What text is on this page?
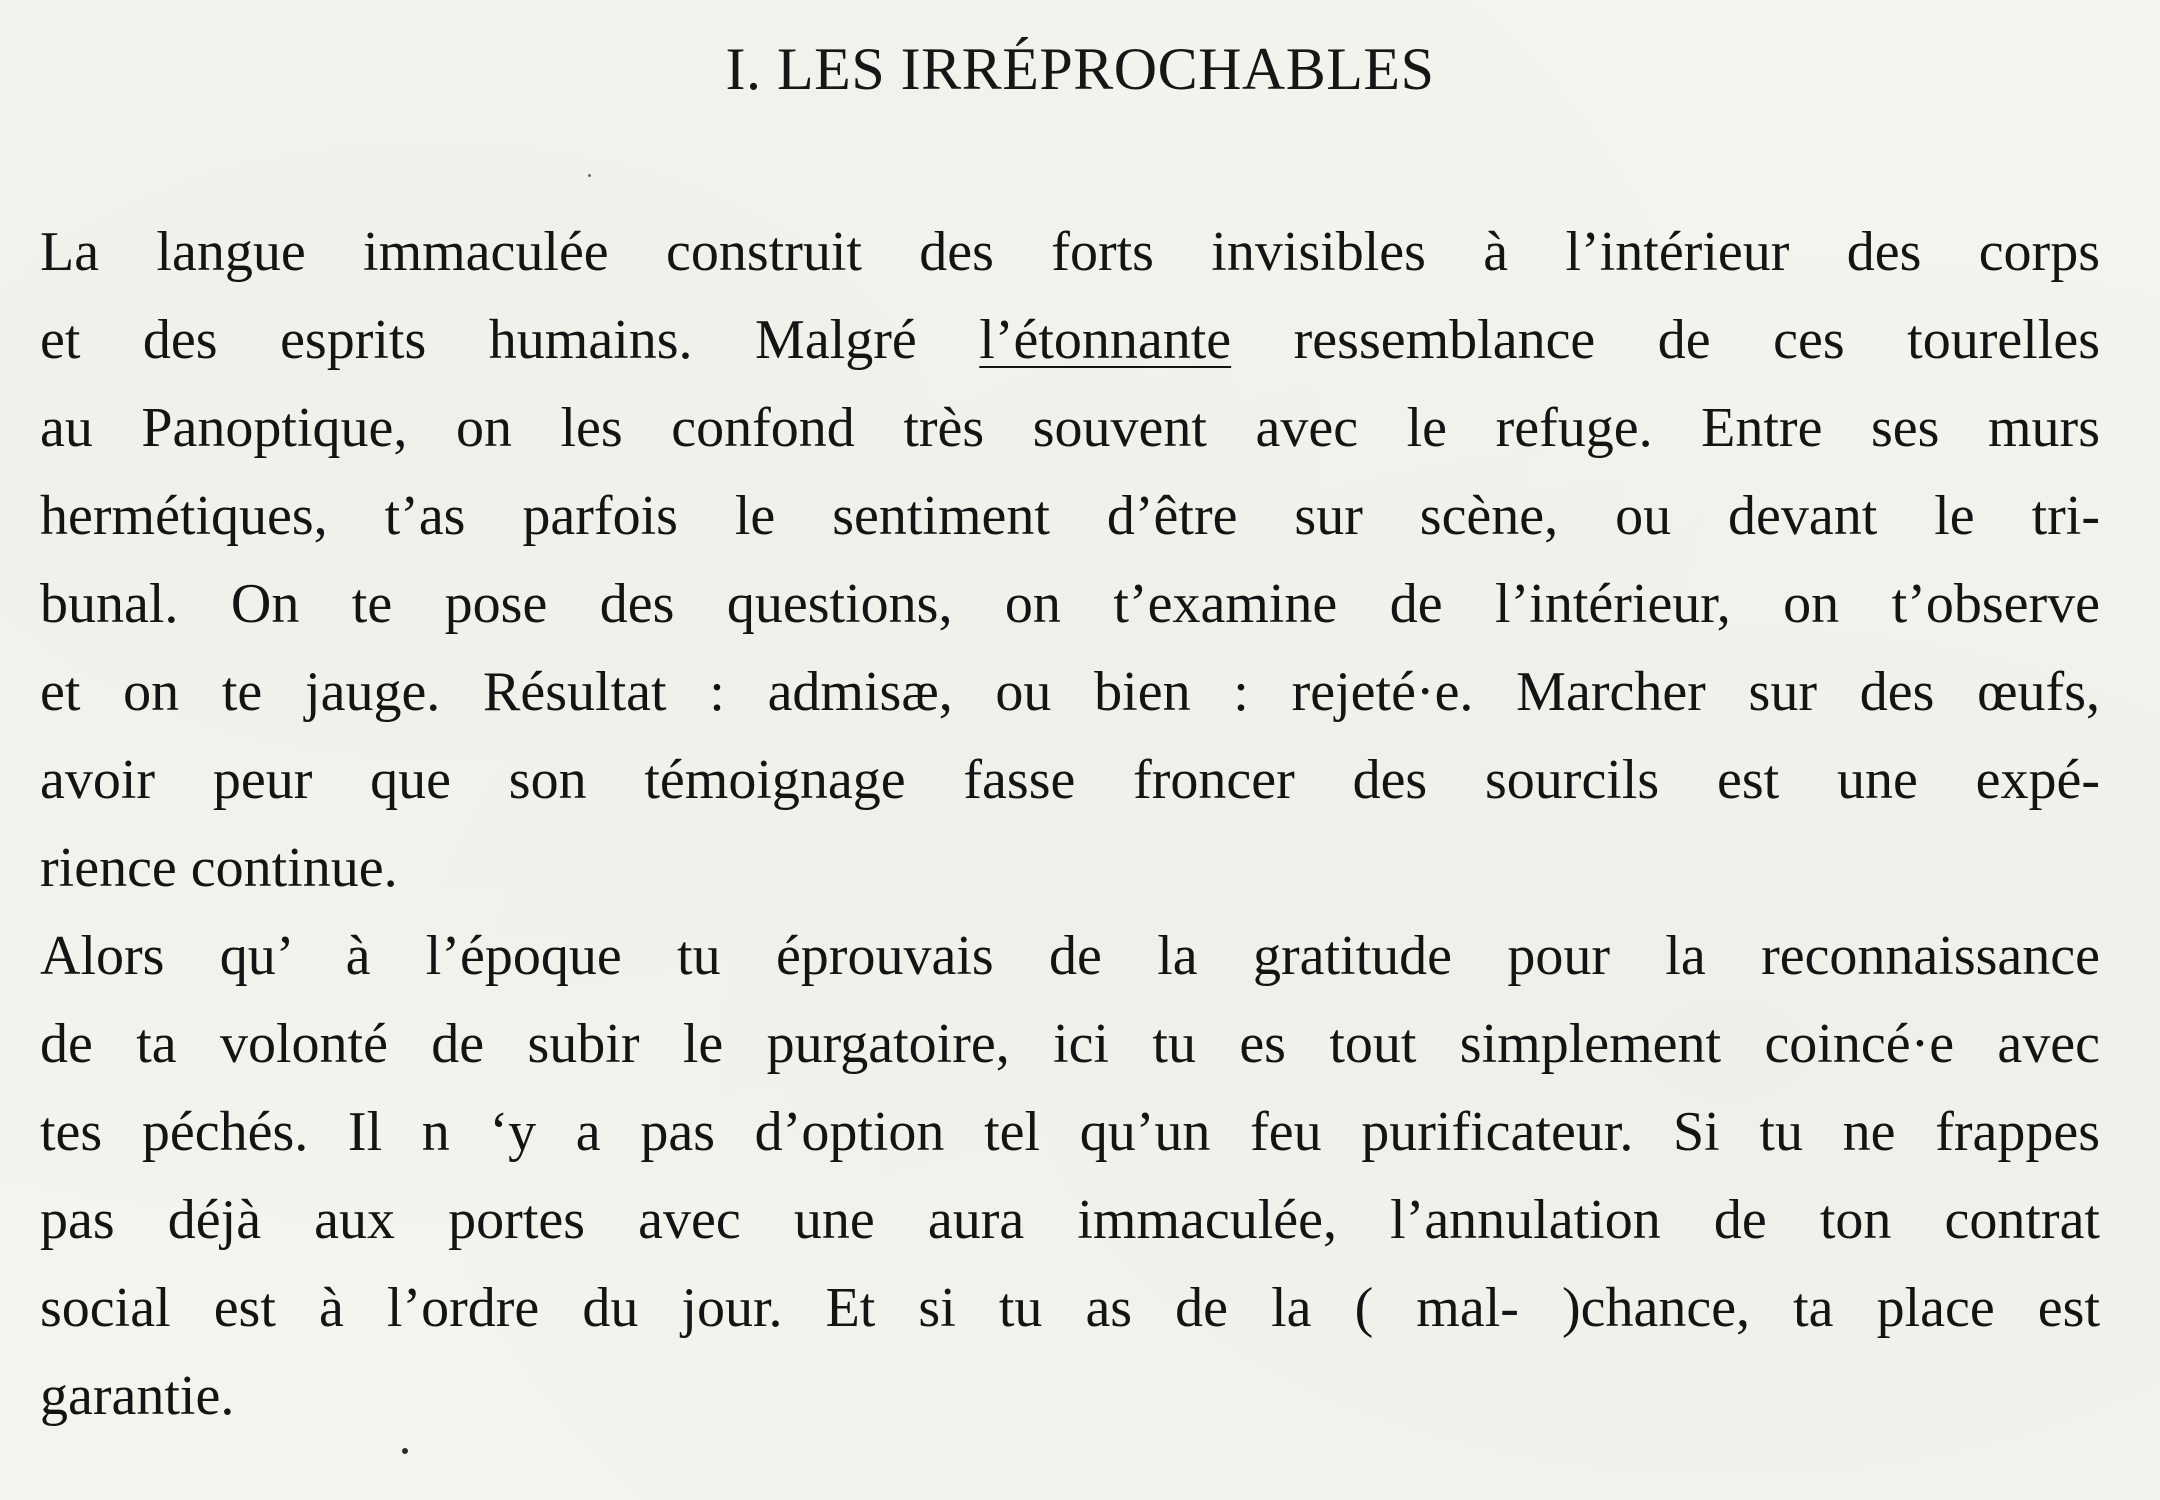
I. LES IRRÉPROCHABLES
La langue immaculée construit des forts invisibles à l’intérieur des corps
et des esprits humains. Malgré l’étonnante ressemblance de ces tourelles
au Panoptique, on les confond très souvent avec le refuge. Entre ses murs
hermétiques, t’as parfois le sentiment d’être sur scène, ou devant le tri-
bunal. On te pose des questions, on t’examine de l’intérieur, on t’observe
et on te jauge. Résultat : admisæ, ou bien : rejeté·e. Marcher sur des œufs,
avoir peur que son témoignage fasse froncer des sourcils est une expé-
rience continue.
Alors qu’ à l’époque tu éprouvais de la gratitude pour la reconnaissance
de ta volonté de subir le purgatoire, ici tu es tout simplement coincé·e avec
tes péchés. Il n ‘y a pas d’option tel qu’un feu purificateur. Si tu ne frappes
pas déjà aux portes avec une aura immaculée, l’annulation de ton contrat
social est à l’ordre du jour. Et si tu as de la ( mal- )chance, ta place est
garantie.
